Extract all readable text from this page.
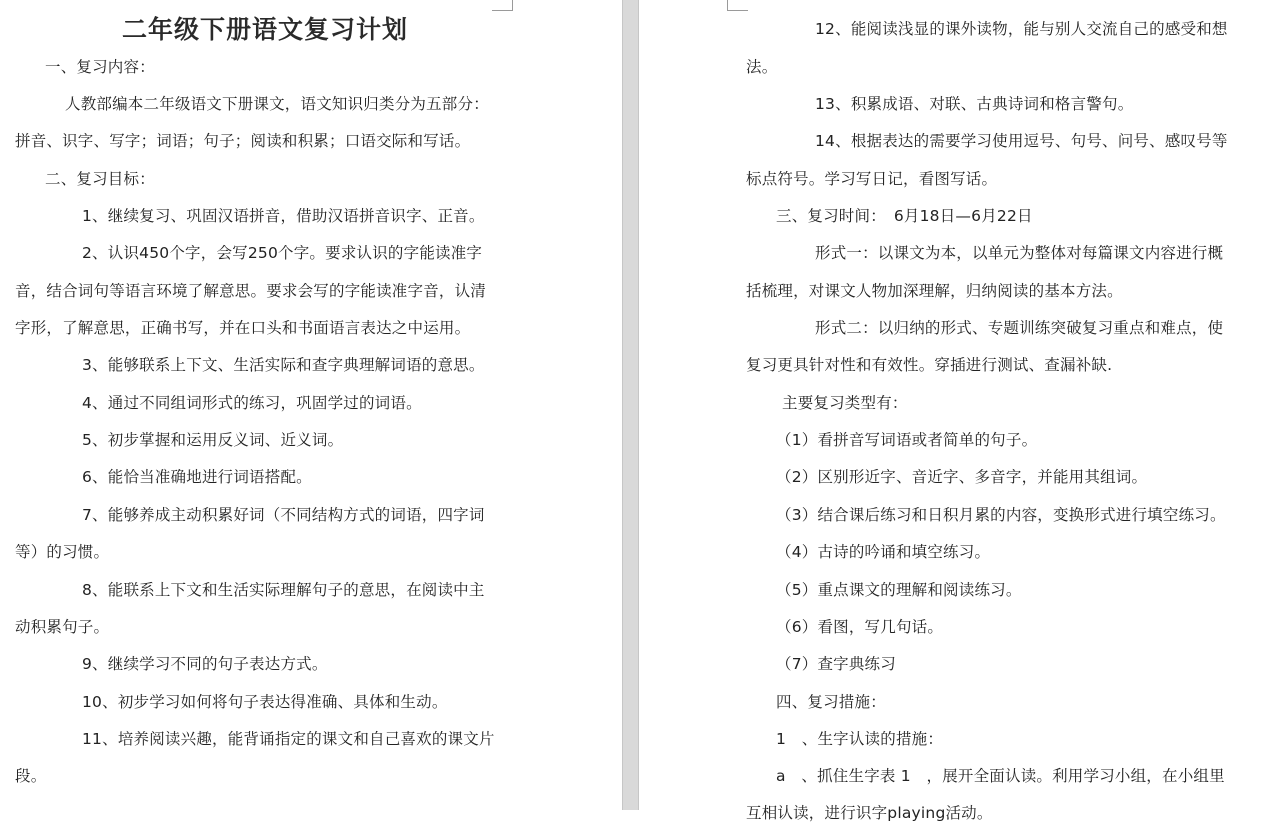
二年级下册语文复习计划
一、复习内容：
人教部编本二年级语文下册课文，语文知识归类分为五部分：
拼音、识字、写字；词语；句子；阅读和积累；口语交际和写话。
二、复习目标：
1、继续复习、巩固汉语拼音，借助汉语拼音识字、正音。
2、认识450个字，会写250个字。要求认识的字能读准字
音，结合词句等语言环境了解意思。要求会写的字能读准字音，认清
字形，了解意思，正确书写，并在口头和书面语言表达之中运用。
3、能够联系上下文、生活实际和查字典理解词语的意思。
4、通过不同组词形式的练习，巩固学过的词语。
5、初步掌握和运用反义词、近义词。
6、能恰当准确地进行词语搭配。
7、能够养成主动积累好词（不同结构方式的词语，四字词
等）的习惯。
8、能联系上下文和生活实际理解句子的意思，在阅读中主
动积累句子。
9、继续学习不同的句子表达方式。
10、初步学习如何将句子表达得准确、具体和生动。
11、培养阅读兴趣，能背诵指定的课文和自己喜欢的课文片
段。
12、能阅读浅显的课外读物，能与别人交流自己的感受和想
法。
13、积累成语、对联、古典诗词和格言警句。
14、根据表达的需要学习使用逗号、句号、问号、感叹号等
标点符号。学习写日记，看图写话。
三、复习时间：　6月18日—6月22日
形式一：以课文为本，以单元为整体对每篇课文内容进行概
括梳理，对课文人物加深理解，归纳阅读的基本方法。
形式二：以归纳的形式、专题训练突破复习重点和难点，使
复习更具针对性和有效性。穿插进行测试、查漏补缺.
主要复习类型有：
（1）看拼音写词语或者简单的句子。
（2）区别形近字、音近字、多音字，并能用其组词。
（3）结合课后练习和日积月累的内容，变换形式进行填空练习。
（4）古诗的吟诵和填空练习。
（5）重点课文的理解和阅读练习。
（6）看图，写几句话。
（7）查字典练习
四、复习措施：
1　、生字认读的措施：
a　、抓住生字表 1　，展开全面认读。利用学习小组，在小组里
互相认读，进行识字playing活动。
